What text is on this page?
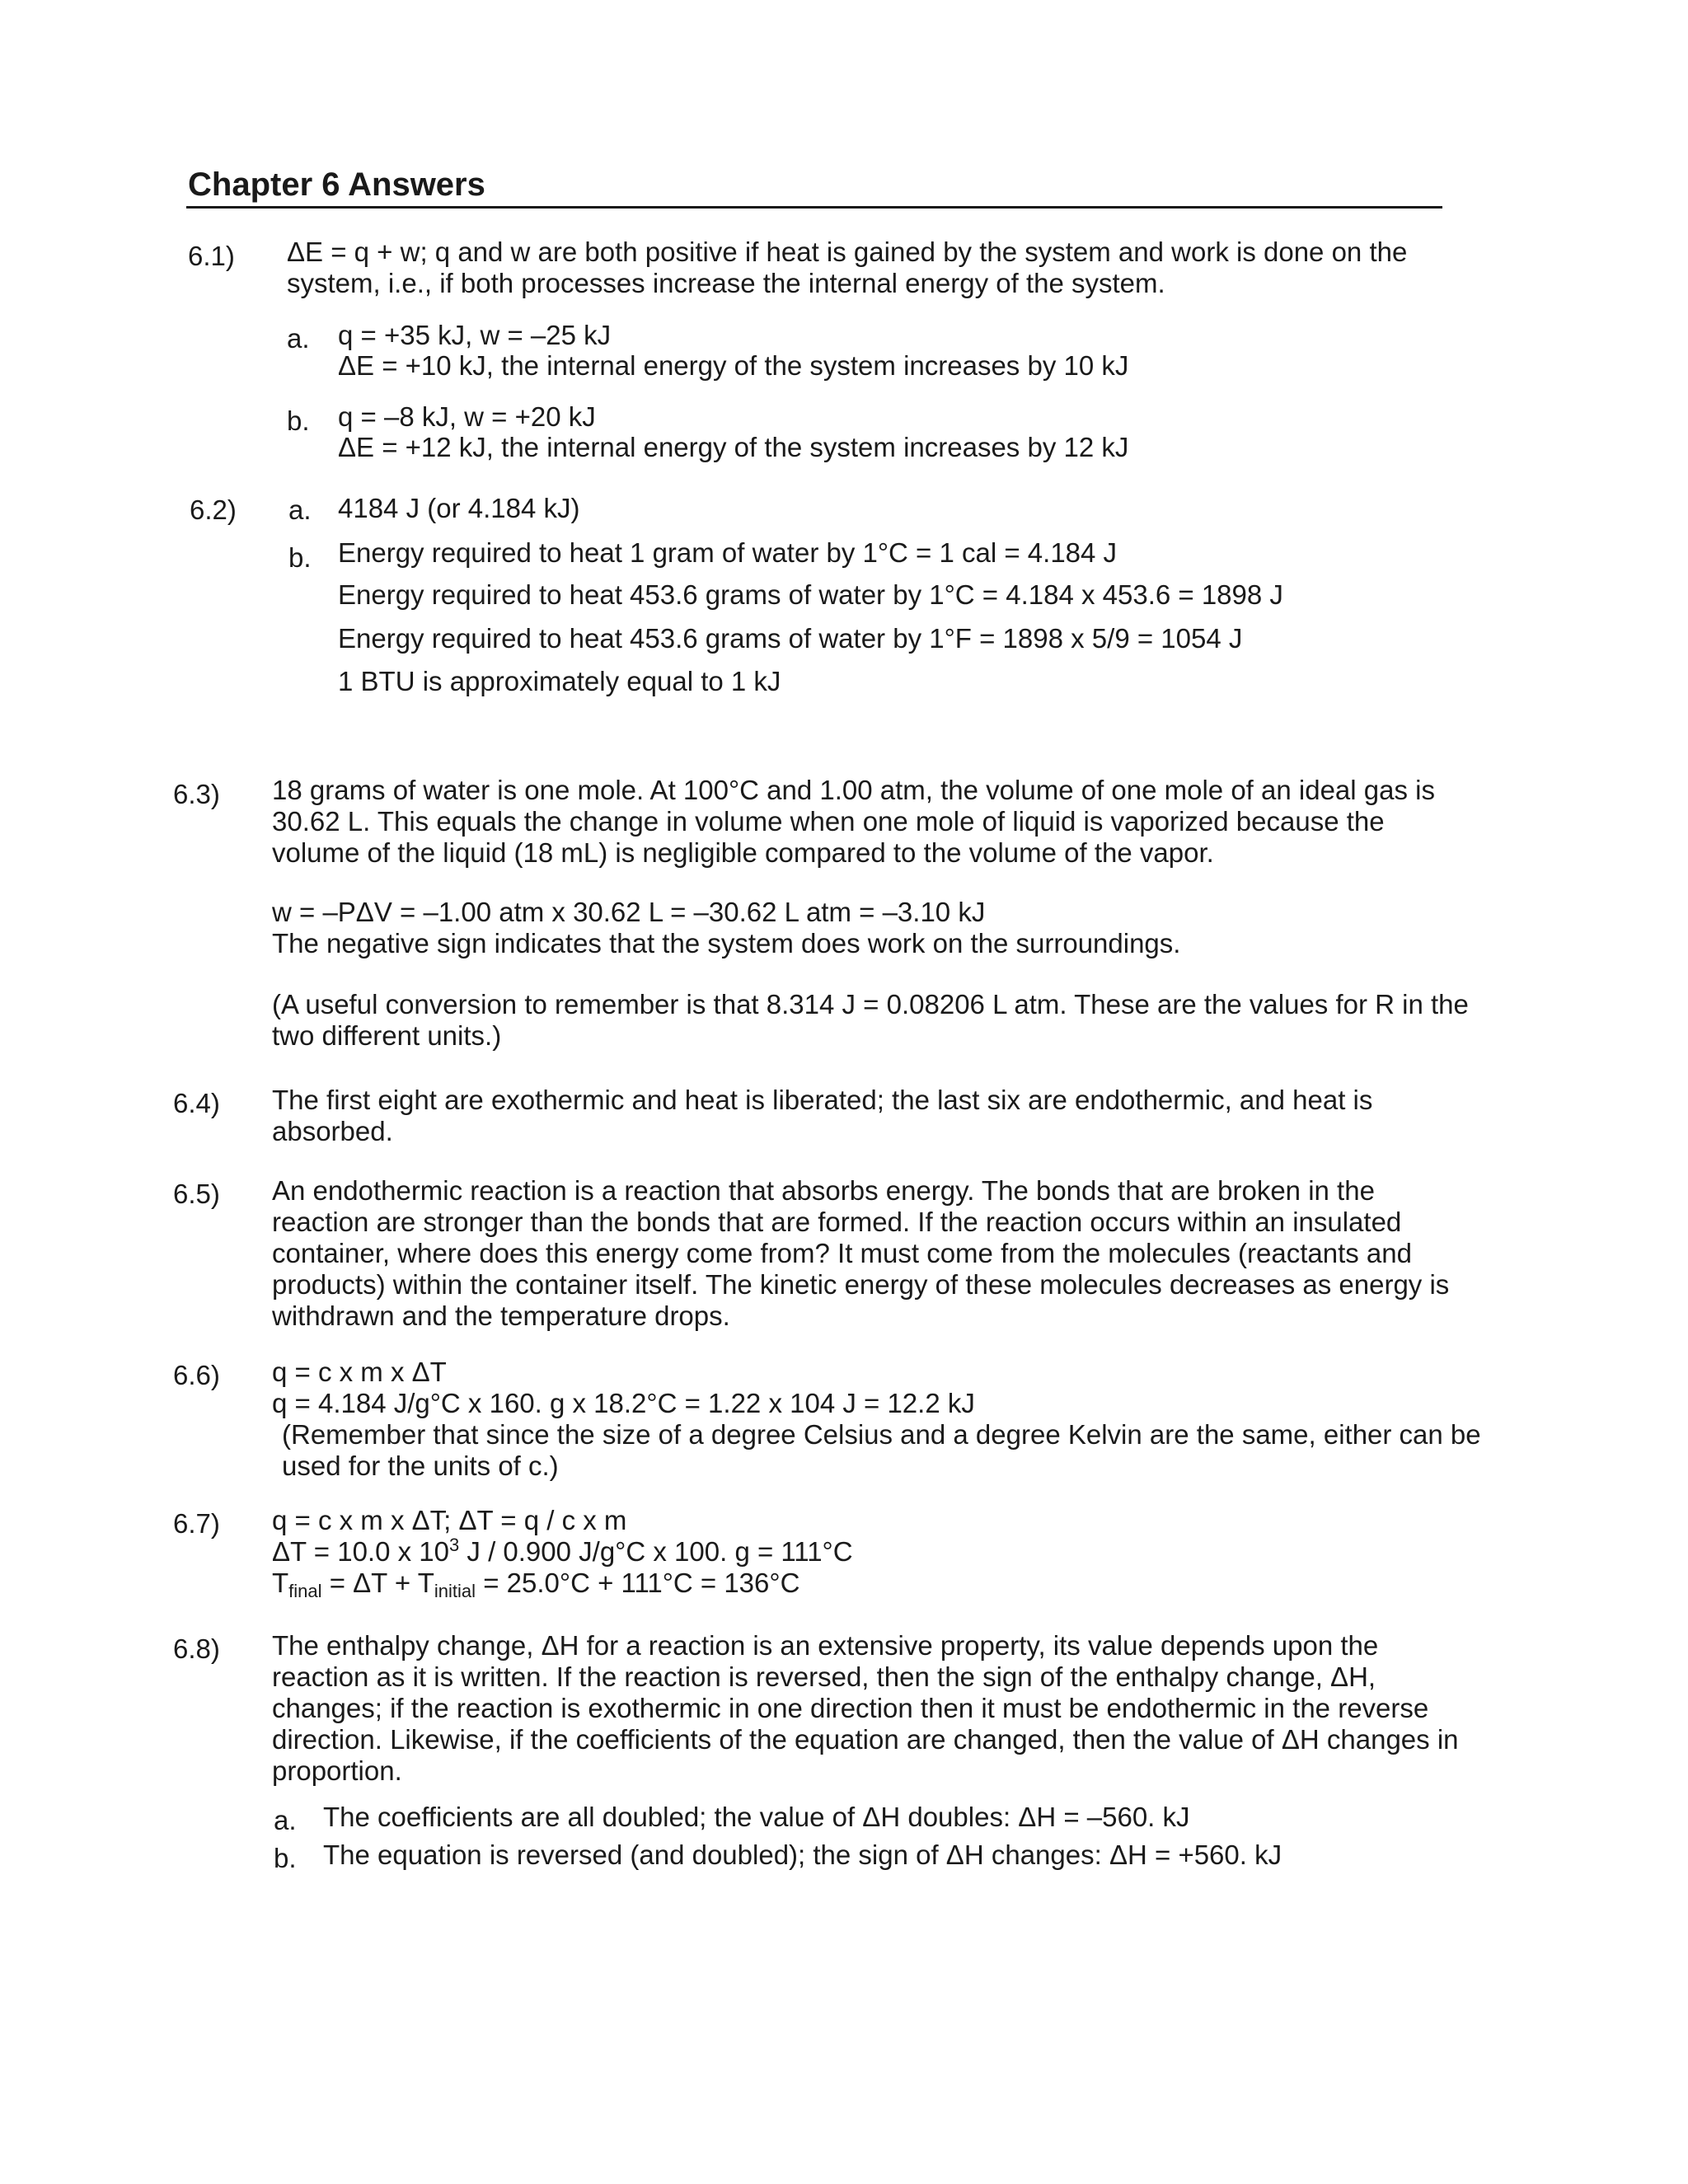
Chapter 6 Answers
6.1) ΔE = q + w; q and w are both positive if heat is gained by the system and work is done on the
system, i.e., if both processes increase the internal energy of the system.
a. q = +35 kJ, w = –25 kJ
ΔE = +10 kJ, the internal energy of the system increases by 10 kJ
b. q = –8 kJ, w = +20 kJ
ΔE = +12 kJ, the internal energy of the system increases by 12 kJ
6.2) a. 4184 J (or 4.184 kJ)
b. Energy required to heat 1 gram of water by 1°C = 1 cal = 4.184 J
Energy required to heat 453.6 grams of water by 1°C = 4.184 x 453.6 = 1898 J
Energy required to heat 453.6 grams of water by 1°F = 1898 x 5/9 = 1054 J
1 BTU is approximately equal to 1 kJ
6.3) 18 grams of water is one mole. At 100°C and 1.00 atm, the volume of one mole of an ideal gas is
30.62 L. This equals the change in volume when one mole of liquid is vaporized because the
volume of the liquid (18 mL) is negligible compared to the volume of the vapor.
w = –PΔV = –1.00 atm x 30.62 L = –30.62 L atm = –3.10 kJ
The negative sign indicates that the system does work on the surroundings.
(A useful conversion to remember is that 8.314 J = 0.08206 L atm. These are the values for R in the
two different units.)
6.4) The first eight are exothermic and heat is liberated; the last six are endothermic, and heat is
absorbed.
6.5) An endothermic reaction is a reaction that absorbs energy. The bonds that are broken in the
reaction are stronger than the bonds that are formed. If the reaction occurs within an insulated
container, where does this energy come from? It must come from the molecules (reactants and
products) within the container itself. The kinetic energy of these molecules decreases as energy is
withdrawn and the temperature drops.
6.6) q = c x m x ΔT
q = 4.184 J/g°C x 160. g x 18.2°C = 1.22 x 104 J = 12.2 kJ
(Remember that since the size of a degree Celsius and a degree Kelvin are the same, either can be
used for the units of c.)
6.7) q = c x m x ΔT; ΔT = q / c x m
ΔT = 10.0 x $10^3$ J / 0.900 J/g°C x 100. g = 111°C
$T_{final} = \Delta T + T_{initial} = 25.0^\circ C + 111^\circ C = 136^\circ C$
6.8) The enthalpy change, ΔH for a reaction is an extensive property, its value depends upon the
reaction as it is written. If the reaction is reversed, then the sign of the enthalpy change, ΔH,
changes; if the reaction is exothermic in one direction then it must be endothermic in the reverse
direction. Likewise, if the coefficients of the equation are changed, then the value of ΔH changes in
proportion.
a. The coefficients are all doubled; the value of ΔH doubles: ΔH = –560. kJ
b. The equation is reversed (and doubled); the sign of ΔH changes: ΔH = +560. kJ
